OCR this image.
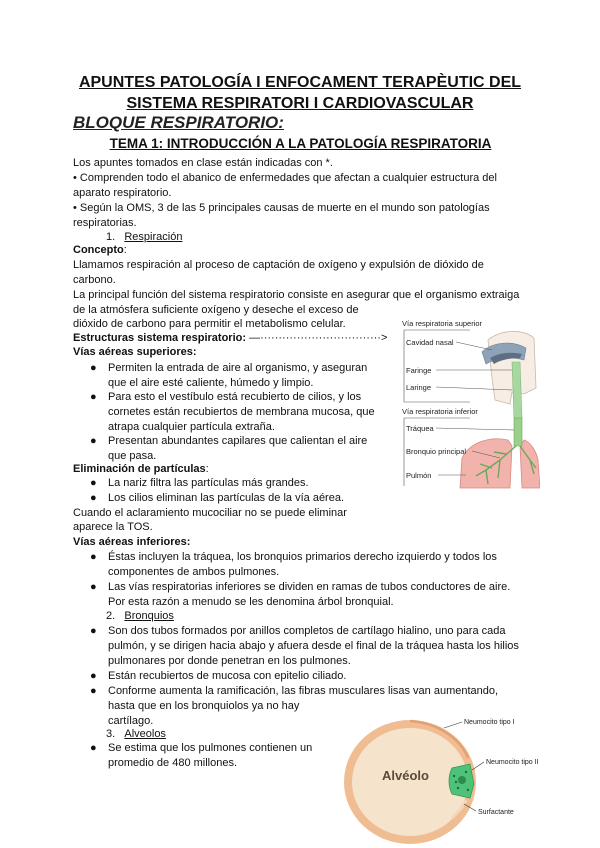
APUNTES PATOLOGÍA I ENFOCAMENT TERAPÈUTIC DEL
SISTEMA RESPIRATORI I CARDIOVASCULAR
BLOQUE RESPIRATORIO:
TEMA 1: INTRODUCCIÓN A LA PATOLOGÍA RESPIRATORIA

Los apuntes tomados en clase están indicadas con *.

• Comprenden todo el abanico de enfermedades que afectan a cualquier estructura del

aparato respiratorio.

• Según la OMS, 3 de las 5 principales causas de muerte en el mundo son patologías

respiratorias.

1. Respiración

Concepto:

Llamamos respiración al proceso de captación de oxígeno y expulsión de dióxido de

carbono.

La principal función del sistema respiratorio consiste en asegurar que el organismo extraiga

de la atmósfera suficiente oxígeno y deseche el exceso de

dióxido de carbono para permitir el metabolismo celular.

Estructuras sistema respiratorio: —·································>

Vías aéreas superiores:

● Permiten la entrada de aire al organismo, y aseguran
que el aire esté caliente, húmedo y limpio.
● Para esto el vestíbulo está recubierto de cilios, y los
cornetes están recubiertos de membrana mucosa, que
atrapa cualquier partícula extraña.
● Presentan abundantes capilares que calientan el aire
que pasa.

Eliminación de partículas:

● La nariz filtra las partículas más grandes.
● Los cilios eliminan las partículas de la vía aérea.

Cuando el aclaramiento mucociliar no se puede eliminar

aparece la TOS.

Vías aéreas inferiores:

● Éstas incluyen la tráquea, los bronquios primarios derecho izquierdo y todos los
componentes de ambos pulmones.
● Las vías respiratorias inferiores se dividen en ramas de tubos conductores de aire.
Por esta razón a menudo se les denomina árbol bronquial.

2. Bronquios

● Son dos tubos formados por anillos completos de cartílago hialino, uno para cada
pulmón, y se dirigen hacia abajo y afuera desde el final de la tráquea hasta los hilios
pulmonares por donde penetran en los pulmones.
● Están recubiertos de mucosa con epitelio ciliado.
● Conforme aumenta la ramificación, las fibras musculares lisas van aumentando,
hasta que en los bronquiolos ya no hay
cartílago.

3. Alveolos

● Se estima que los pulmones contienen un
promedio de 480 millones.
Vía respiratoria superior
Cavidad nasal
Faringe
Laringe
Vía respiratoria inferior
Tráquea
Bronquio principal
Pulmón
Alvéolo
Neumocito tipo I
Neumocito tipo II
Surfactante
